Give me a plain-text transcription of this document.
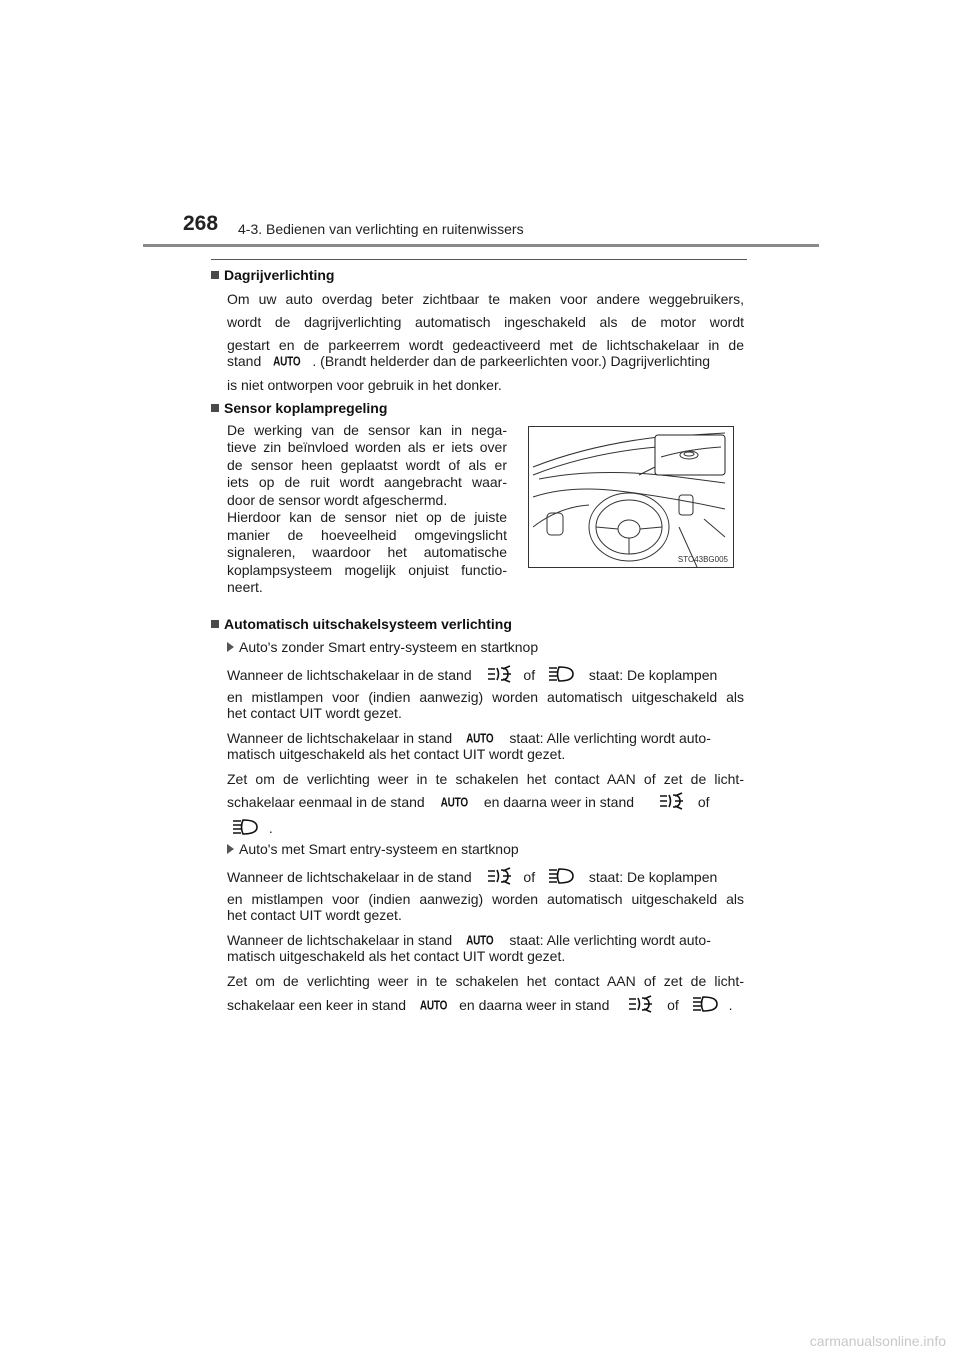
268 4-3. Bedienen van verlichting en ruitenwissers
Dagrijverlichting
Om uw auto overdag beter zichtbaar te maken voor andere weggebruikers,
wordt de dagrijverlichting automatisch ingeschakeld als de motor wordt
gestart en de parkeerrem wordt gedeactiveerd met de lichtschakelaar in de
stand AUTO . (Brandt helderder dan de parkeerlichten voor.) Dagrijverlichting
is niet ontworpen voor gebruik in het donker.
Sensor koplampregeling
De werking van de sensor kan in nega-
tieve zin beïnvloed worden als er iets over
de sensor heen geplaatst wordt of als er
iets op de ruit wordt aangebracht waar-
door de sensor wordt afgeschermd.
Hierdoor kan de sensor niet op de juiste
manier de hoeveelheid omgevingslicht
signaleren, waardoor het automatische
koplampsysteem mogelijk onjuist functio-
neert.
STO43BG005
Automatisch uitschakelsysteem verlichting
Auto's zonder Smart entry-systeem en startknop
Wanneer de lichtschakelaar in de stand	of	staat: De koplampen
en mistlampen voor (indien aanwezig) worden automatisch uitgeschakeld als
het contact UIT wordt gezet.
Wanneer de lichtschakelaar in stand AUTO staat: Alle verlichting wordt auto-
matisch uitgeschakeld als het contact UIT wordt gezet.
Zet om de verlichting weer in te schakelen het contact AAN of zet de licht-
schakelaar eenmaal in de stand AUTO en daarna weer in stand	of
.
Auto's met Smart entry-systeem en startknop
Wanneer de lichtschakelaar in de stand	of	staat: De koplampen
en mistlampen voor (indien aanwezig) worden automatisch uitgeschakeld als
het contact UIT wordt gezet.
Wanneer de lichtschakelaar in stand AUTO staat: Alle verlichting wordt auto-
matisch uitgeschakeld als het contact UIT wordt gezet.
Zet om de verlichting weer in te schakelen het contact AAN of zet de licht-
schakelaar een keer in stand AUTO en daarna weer in stand	of	.
carmanualsonline.info
